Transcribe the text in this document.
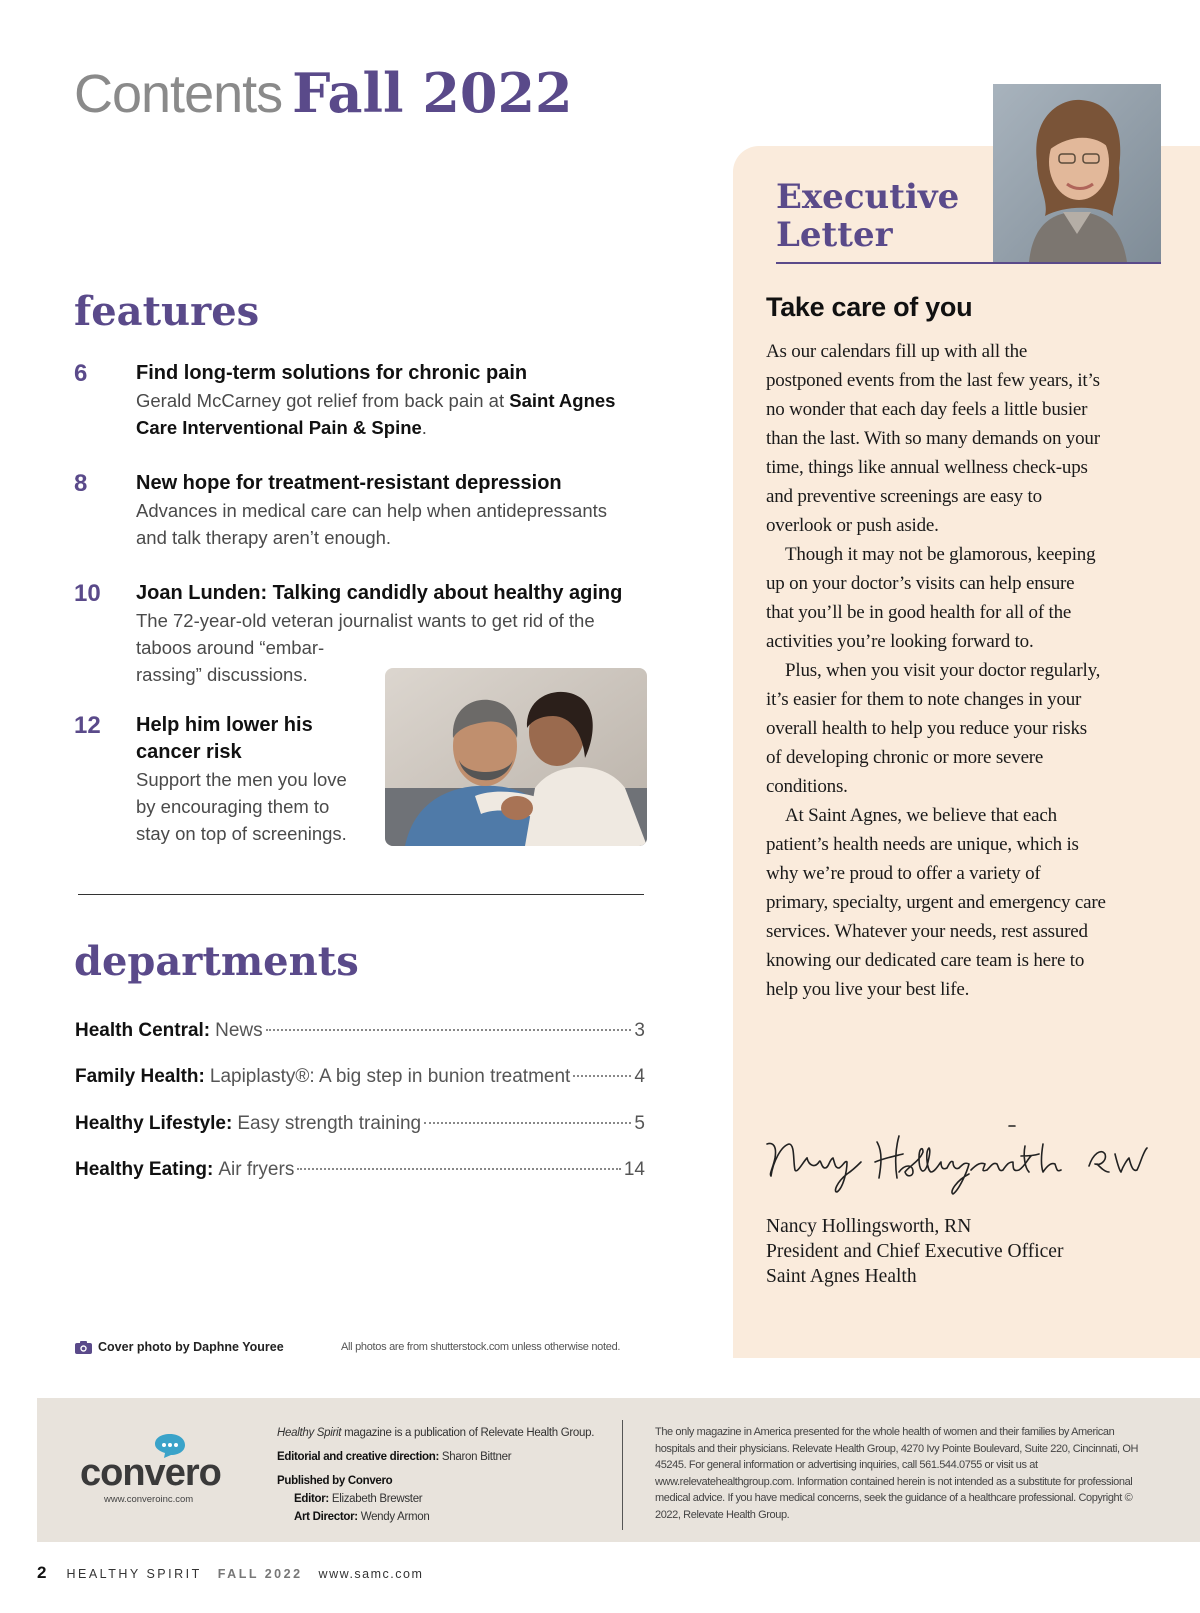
Contents Fall 2022
features
6 Find long-term solutions for chronic pain
Gerald McCarney got relief from back pain at Saint Agnes Care Interventional Pain & Spine.
8 New hope for treatment-resistant depression
Advances in medical care can help when antidepressants and talk therapy aren’t enough.
10 Joan Lunden: Talking candidly about healthy aging
The 72-year-old veteran journalist wants to get rid of the
taboos around “embar-rassing” discussions.
12 Help him lower his cancer risk
Support the men you love by encouraging them to stay on top of screenings.
departments
Health Central: News	3
Family Health: Lapiplasty®: A big step in bunion treatment	4
Healthy Lifestyle: Easy strength training	5
Healthy Eating: Air fryers	14
Cover photo by Daphne Youree	All photos are from shutterstock.com unless otherwise noted.
Executive
Letter
Take care of you

As our calendars fill up with all the postponed events from the last few years, it’s no wonder that each day feels a little busier than the last. With so many demands on your time, things like annual wellness check-ups and preventive screenings are easy to overlook or push aside.

Though it may not be glamorous, keeping up on your doctor’s visits can help ensure that you’ll be in good health for all of the activities you’re looking forward to.

Plus, when you visit your doctor regularly, it’s easier for them to note changes in your overall health to help you reduce your risks of developing chronic or more severe conditions.

At Saint Agnes, we believe that each patient’s health needs are unique, which is why we’re proud to offer a variety of primary, specialty, urgent and emergency care services. Whatever your needs, rest assured knowing our dedicated care team is here to help you live your best life.

Nancy Hollingsworth, RN
President and Chief Executive Officer
Saint Agnes Health
convero
www.converoinc.com
Healthy Spirit magazine is a publication of Relevate Health Group.
Editorial and creative direction: Sharon Bittner
Published by Convero
Editor: Elizabeth Brewster
Art Director: Wendy Armon
The only magazine in America presented for the whole health of women and their families by American hospitals and their physicians. Relevate Health Group, 4270 Ivy Pointe Boulevard, Suite 220, Cincinnati, OH 45245. For general information or advertising inquiries, call 561.544.0755 or visit us at www.relevatehealthgroup.com. Information contained herein is not intended as a substitute for professional medical advice. If you have medical concerns, seek the guidance of a healthcare professional. Copyright © 2022, Relevate Health Group.
2 HEALTHY SPIRIT FALL 2022 www.samc.com
